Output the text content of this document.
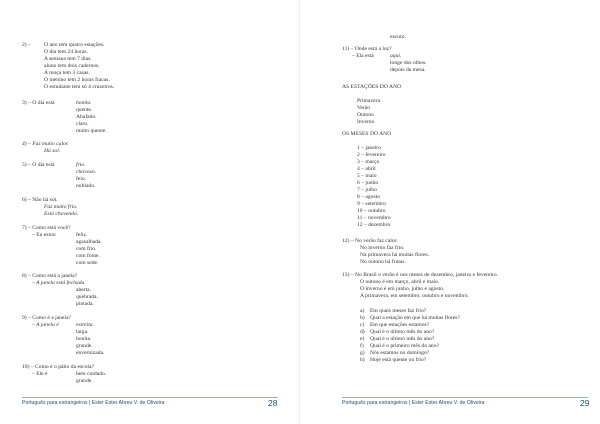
2) – O ano tem quatro estações.
O dia tem 24 horas.
A semana tem 7 dias.
aluno tem dois cadernos.
A moça tem 3 casas.
O menino tem 2 horas fracas.
O estudante tem só 4 cruzeiros.
3) – O dia está	bonito.
quente.
Abafado.
claro.
muito quente.
4) – Faz muito calor.
Há sol.
5) – O dia está	frio.
chuvoso.
feio.
nublado.
6) – Não há sol.
Faz muito frio.
Está chovendo.
7) – Como está você?
– Eu estou	feliz.
agasalhada.
com frio.
com fome.
com sede.
8) – Como está a janela?
– A janela está fechada.
aberta.
quebrada.
pintada.
9) – Como é a janela?
– A janela é	estreita.
larga.
bonita.
grande.
envernizada.
10) – Como é o pátio da escola?
– Ele é	bem cuidado.
grande.
Português para estrangeiros | Ester Ester Abreu V. de Oliveira	28
escuro.
11) – Onde está a luz?
– Ela está	aqui.
longe dos olhos.
depois da mesa.
AS ESTAÇÕES DO ANO
Primavera
Verão
Outono
Inverno
OS MESES DO ANO
1 – janeiro
2 – fevereiro
3 – março
4 – abril
5 – maio
6 – junho
7 – julho
8 – agosto
9 – setembro
10 – outubro
11 – novembro
12 – dezembro
12) – No verão faz calor.
No inverno faz frio.
Na primavera há muitas flores.
No outono há frutas.
13) – No Brasil o verão é nos meses de dezembro, janeiro e fevereiro.
O outono é em março, abril e maio.
O inverno é em junho, julho e agosto.
A primavera, em setembro, outubro e novembro.
a) Em quais meses faz frio?
b) Qual a estação em que há muitas flores?
c) Em que estações estamos?
d) Qual é o último mês do ano?
e) Qual é o último mês do ano?
f) Qual é o primeiro mês do ano?
g) Nós estamos no domingo?
h) Hoje está quente ou frio?
Português para estrangeiros | Ester Ester Abreu V. de Oliveira	29
